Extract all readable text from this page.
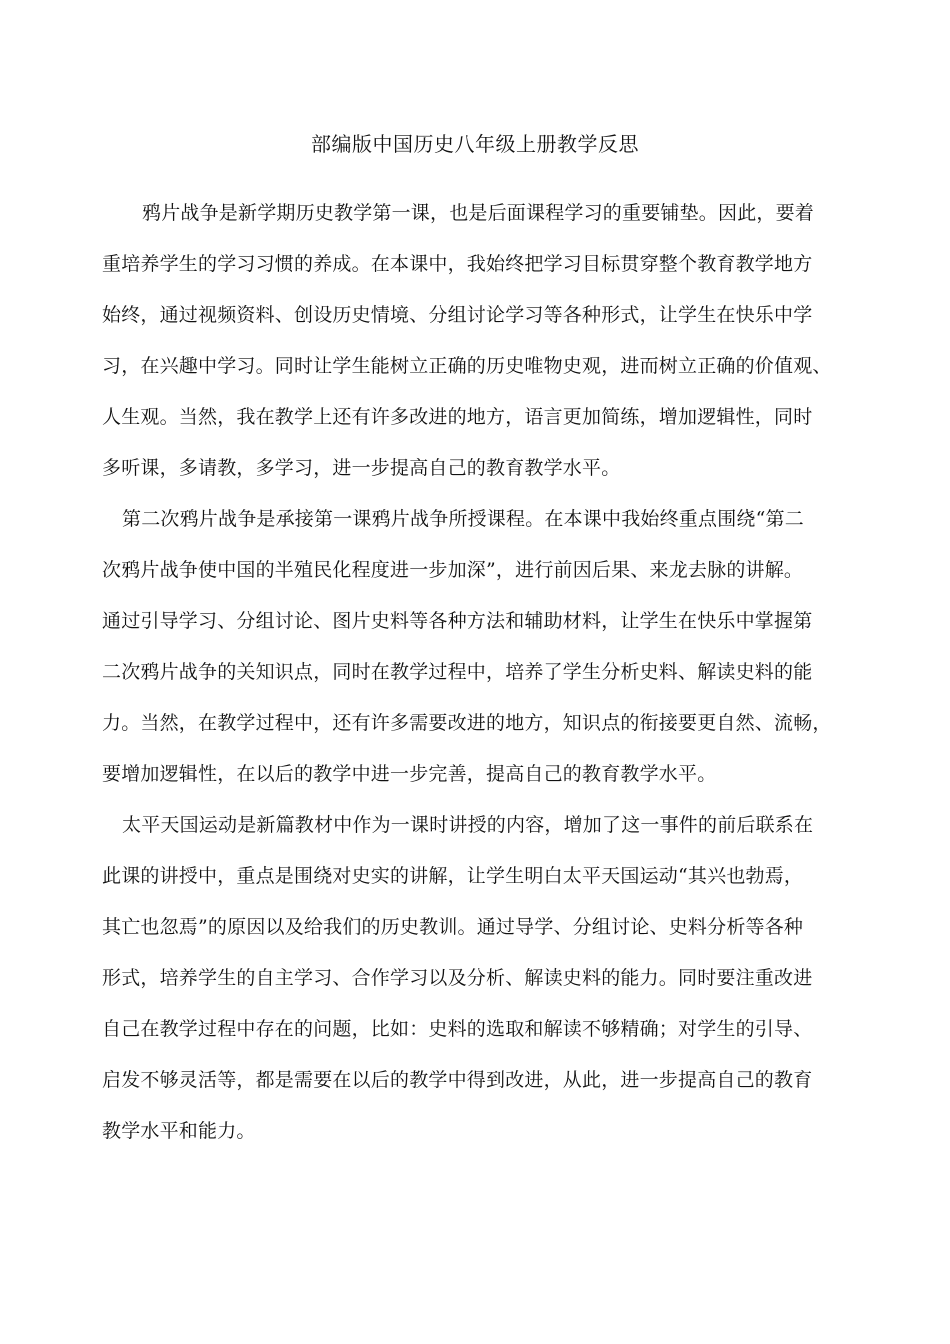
部编版中国历史八年级上册教学反思
鸦片战争是新学期历史教学第一课，也是后面课程学习的重要铺垫。因此，要着
重培养学生的学习习惯的养成。在本课中，我始终把学习目标贯穿整个教育教学地方
始终，通过视频资料、创设历史情境、分组讨论学习等各种形式，让学生在快乐中学
习，在兴趣中学习。同时让学生能树立正确的历史唯物史观，进而树立正确的价值观、
人生观。当然，我在教学上还有许多改进的地方，语言更加简练，增加逻辑性，同时
多听课，多请教，多学习，进一步提高自己的教育教学水平。
第二次鸦片战争是承接第一课鸦片战争所授课程。在本课中我始终重点围绕“第二
次鸦片战争使中国的半殖民化程度进一步加深”，进行前因后果、来龙去脉的讲解。
通过引导学习、分组讨论、图片史料等各种方法和辅助材料，让学生在快乐中掌握第
二次鸦片战争的关知识点，同时在教学过程中，培养了学生分析史料、解读史料的能
力。当然，在教学过程中，还有许多需要改进的地方，知识点的衔接要更自然、流畅，
要增加逻辑性，在以后的教学中进一步完善，提高自己的教育教学水平。
太平天国运动是新篇教材中作为一课时讲授的内容，增加了这一事件的前后联系在
此课的讲授中，重点是围绕对史实的讲解，让学生明白太平天国运动“其兴也勃焉，
其亡也忽焉”的原因以及给我们的历史教训。通过导学、分组讨论、史料分析等各种
形式，培养学生的自主学习、合作学习以及分析、解读史料的能力。同时要注重改进
自己在教学过程中存在的问题，比如：史料的选取和解读不够精确；对学生的引导、
启发不够灵活等，都是需要在以后的教学中得到改进，从此，进一步提高自己的教育
教学水平和能力。
